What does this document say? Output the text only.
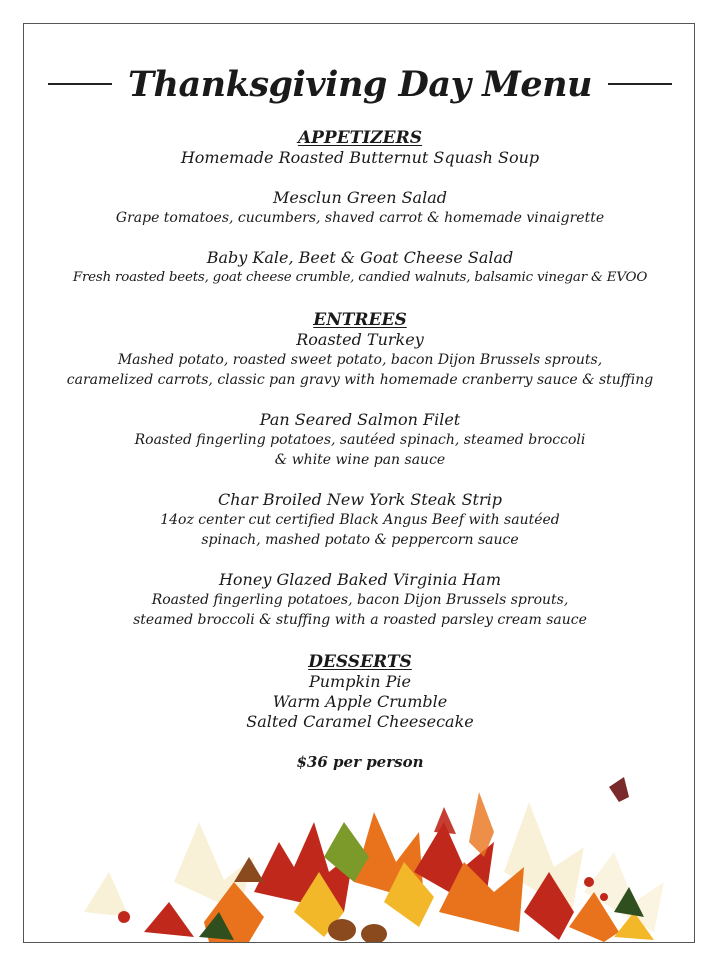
Thanksgiving Day Menu
APPETIZERS
Homemade Roasted Butternut Squash Soup
Mesclun Green Salad
Grape tomatoes, cucumbers, shaved carrot & homemade vinaigrette
Baby Kale, Beet & Goat Cheese Salad
Fresh roasted beets, goat cheese crumble, candied walnuts, balsamic vinegar & EVOO
ENTREES
Roasted Turkey
Mashed potato, roasted sweet potato, bacon Dijon Brussels sprouts,
caramelized carrots, classic pan gravy with homemade cranberry sauce & stuffing
Pan Seared Salmon Filet
Roasted fingerling potatoes, sautéed spinach, steamed broccoli
& white wine pan sauce
Char Broiled New York Steak Strip
14oz center cut certified Black Angus Beef with sautéed
spinach, mashed potato & peppercorn sauce
Honey Glazed Baked Virginia Ham
Roasted fingerling potatoes, bacon Dijon Brussels sprouts,
steamed broccoli & stuffing with a roasted parsley cream sauce
DESSERTS
Pumpkin Pie
Warm Apple Crumble
Salted Caramel Cheesecake
$36 per person
